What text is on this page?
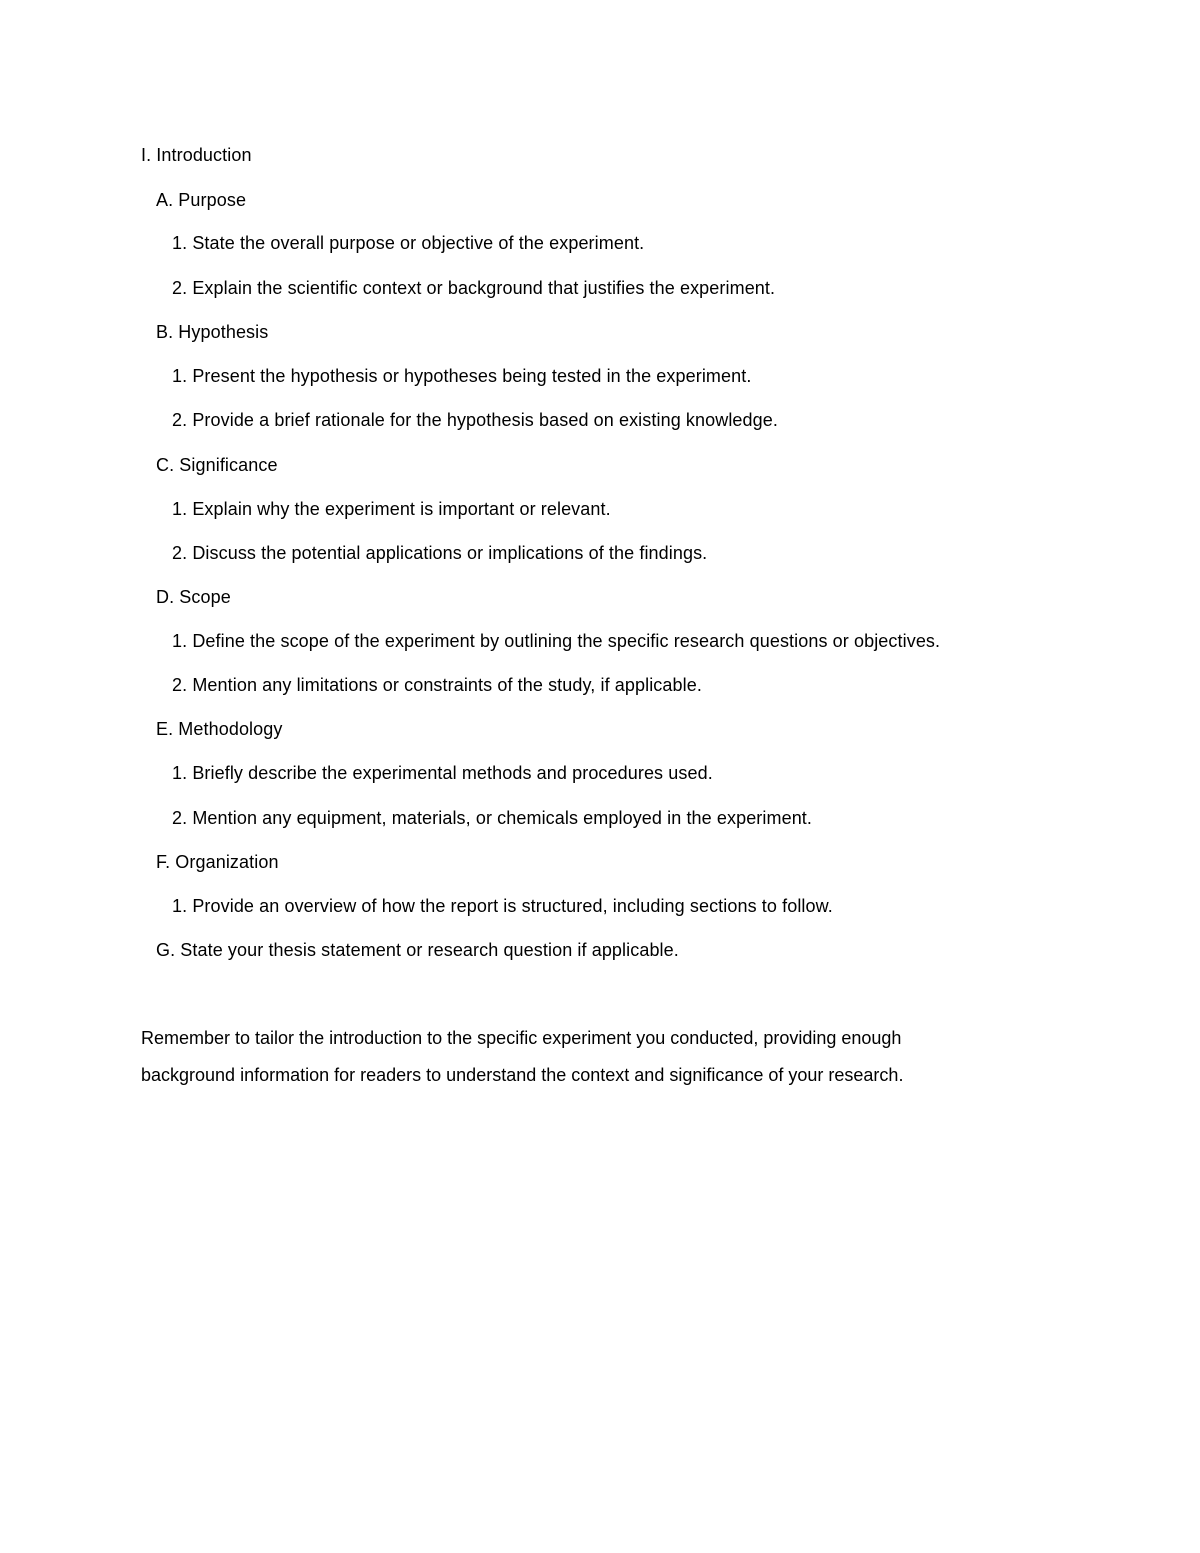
I. Introduction
A. Purpose
1. State the overall purpose or objective of the experiment.
2. Explain the scientific context or background that justifies the experiment.
B. Hypothesis
1. Present the hypothesis or hypotheses being tested in the experiment.
2. Provide a brief rationale for the hypothesis based on existing knowledge.
C. Significance
1. Explain why the experiment is important or relevant.
2. Discuss the potential applications or implications of the findings.
D. Scope
1. Define the scope of the experiment by outlining the specific research questions or objectives.
2. Mention any limitations or constraints of the study, if applicable.
E. Methodology
1. Briefly describe the experimental methods and procedures used.
2. Mention any equipment, materials, or chemicals employed in the experiment.
F. Organization
1. Provide an overview of how the report is structured, including sections to follow.
G. State your thesis statement or research question if applicable.
Remember to tailor the introduction to the specific experiment you conducted, providing enough
background information for readers to understand the context and significance of your research.
